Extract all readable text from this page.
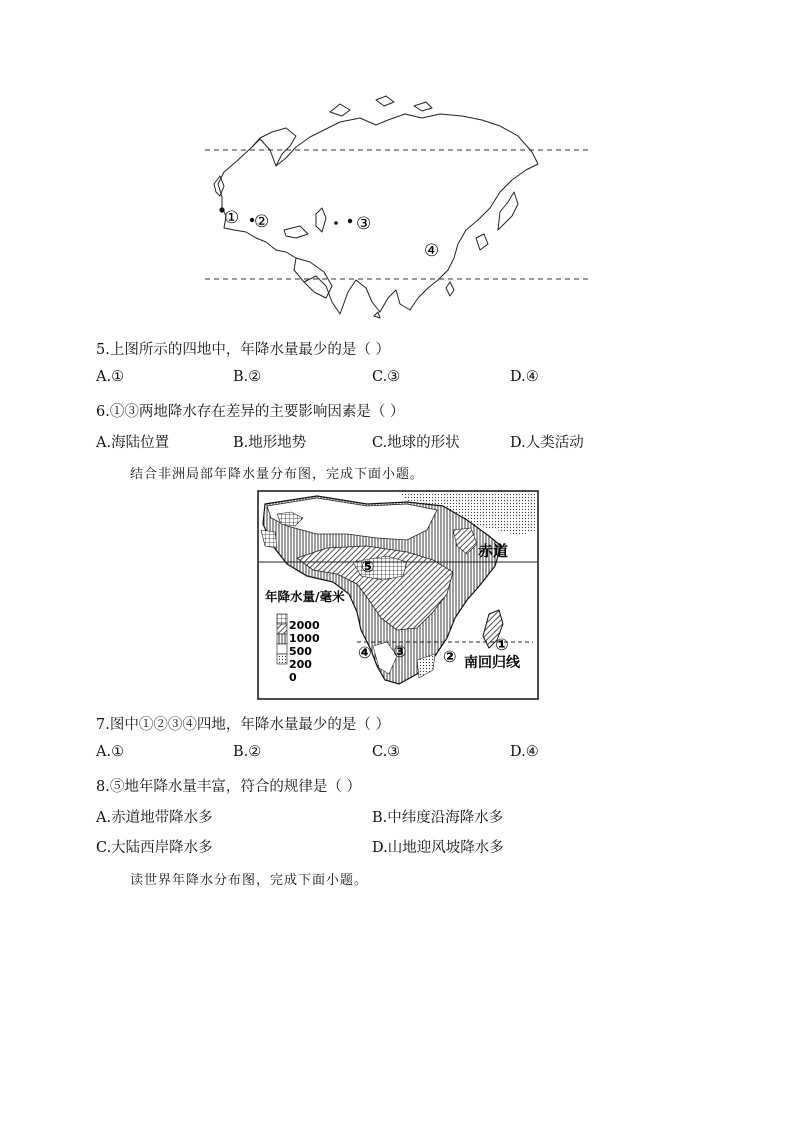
① ②	③
④
5.上图所示的四地中，年降水量最少的是（ ）
A.①	B.②	C.③	D.④
6.①③两地降水存在差异的主要影响因素是（ ）
A.海陆位置	B.地形地势	C.地球的形状	D.人类活动
结合非洲局部年降水量分布图，完成下面小题。
年降水量/毫米
2000
1000
500
200
0
赤道
南回归线
①
②
③
④
⑤
7.图中①②③④四地，年降水量最少的是（ ）
A.①	B.②	C.③	D.④
8.⑤地年降水量丰富，符合的规律是（ ）
A.赤道地带降水多	B.中纬度沿海降水多
C.大陆西岸降水多	D.山地迎风坡降水多
读世界年降水分布图，完成下面小题。
